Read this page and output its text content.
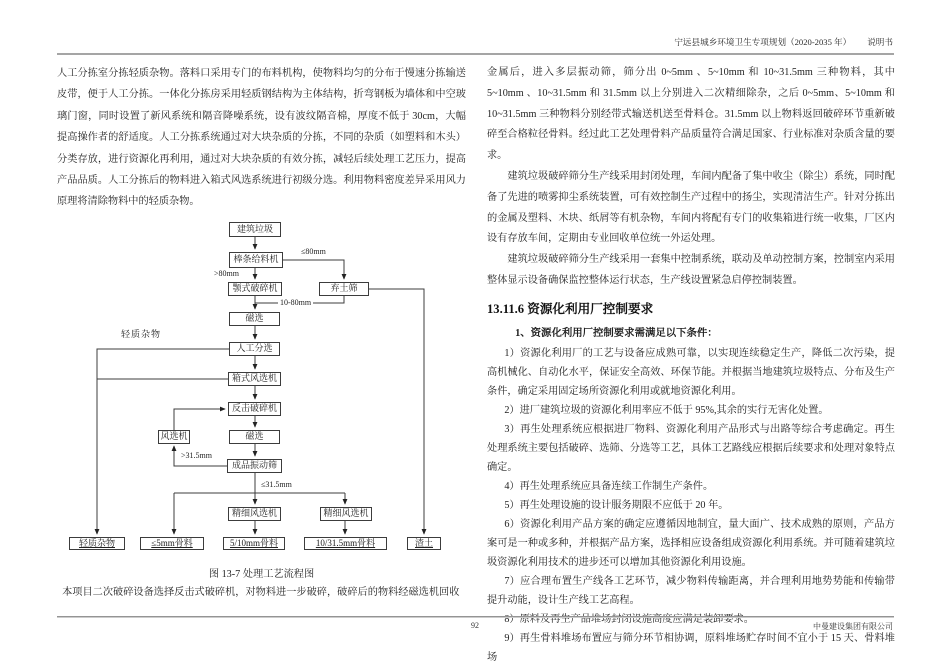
宁远县城乡环境卫生专项规划（2020-2035 年） 说明书

人工分拣室分拣轻质杂物。落料口采用专门的布料机构，使物料均匀的分布于慢速分拣输送皮带，便于人工分拣。一体化分拣房采用轻质钢结构为主体结构，折弯钢板为墙体和中空玻璃门窗，同时设置了新风系统和隔音降噪系统，设有波纹隔音棉，厚度不低于 30cm，大幅提高操作者的舒适度。人工分拣系统通过对大块杂质的分拣，不同的杂质（如塑料和木头）分类存放，进行资源化再利用，通过对大块杂质的有效分拣，减轻后续处理工艺压力，提高产品品质。人工分拣后的物料进入箱式风选系统进行初级分选。利用物料密度差异采用风力原理将清除物料中的轻质杂物。

建筑垃圾
棒条给料机
弃土筛
颚式破碎机
磁选
人工分选
箱式风选机
反击破碎机
风选机	磁选
成品振动筛
精细风选机	精细风选机
轻质杂物	≤5mm骨料	5/10mm骨料	10/31.5mm骨料	渣土
≤80mm
>80mm
10-80mm
轻质杂物
>31.5mm
≤31.5mm
图 13-7 处理工艺流程图

本项目二次破碎设备选择反击式破碎机，对物料进一步破碎，破碎后的物料经磁选机回收

金属后，进入多层振动筛，筛分出 0~5mm 、5~10mm 和 10~31.5mm 三种物料，其中 5~10mm 、10~31.5mm 和 31.5mm 以上分别进入二次精细除杂，之后 0~5mm、5~10mm 和 10~31.5mm 三种物料分别经带式输送机送至骨料仓。31.5mm 以上物料返回破碎环节重新破碎至合格粒径骨料。经过此工艺处理骨料产品质量符合满足国家、行业标准对杂质含量的要求。

建筑垃圾破碎筛分生产线采用封闭处理，车间内配备了集中收尘（除尘）系统，同时配备了先进的喷雾抑尘系统装置，可有效控制生产过程中的扬尘，实现清洁生产。针对分拣出的金属及塑料、木块、纸屑等有机杂物，车间内将配有专门的收集箱进行统一收集，厂区内设有存放车间，定期由专业回收单位统一外运处理。

建筑垃圾破碎筛分生产线采用一套集中控制系统，联动及单动控制方案，控制室内采用整体显示设备确保监控整体运行状态，生产线设置紧急启停控制装置。

13.11.6 资源化利用厂控制要求

1、资源化利用厂控制要求需满足以下条件：

1）资源化利用厂的工艺与设备应成熟可靠，以实现连续稳定生产，降低二次污染，提高机械化、自动化水平，保证安全高效、环保节能。并根据当地建筑垃圾特点、分布及生产条件，确定采用固定场所资源化利用或就地资源化利用。

2）进厂建筑垃圾的资源化利用率应不低于 95%,其余的实行无害化处置。

3）再生处理系统应根据进厂物料、资源化利用产品形式与出路等综合考虑确定。再生处理系统主要包括破碎、选筛、分选等工艺，具体工艺路线应根据后续要求和处理对象特点确定。

4）再生处理系统应具备连续工作制生产条件。

5）再生处理设施的设计服务期限不应低于 20 年。

6）资源化利用产品方案的确定应遵循因地制宜，量大面广、技术成熟的原则，产品方案可是一种或多种，并根据产品方案，选择相应设备组成资源化利用系统。并可随着建筑垃圾资源化利用技术的进步还可以增加其他资源化利用设施。

7）应合理布置生产线各工艺环节，减少物料传输距离，并合理利用地势势能和传输带提升动能，设计生产线工艺高程。

8）原料及再生产品堆场封闭设施高度应满足装卸要求。

9）再生骨料堆场布置应与筛分环节相协调，原料堆场贮存时间不宜小于 15 天、骨料堆场

92	中曼建设集团有限公司
